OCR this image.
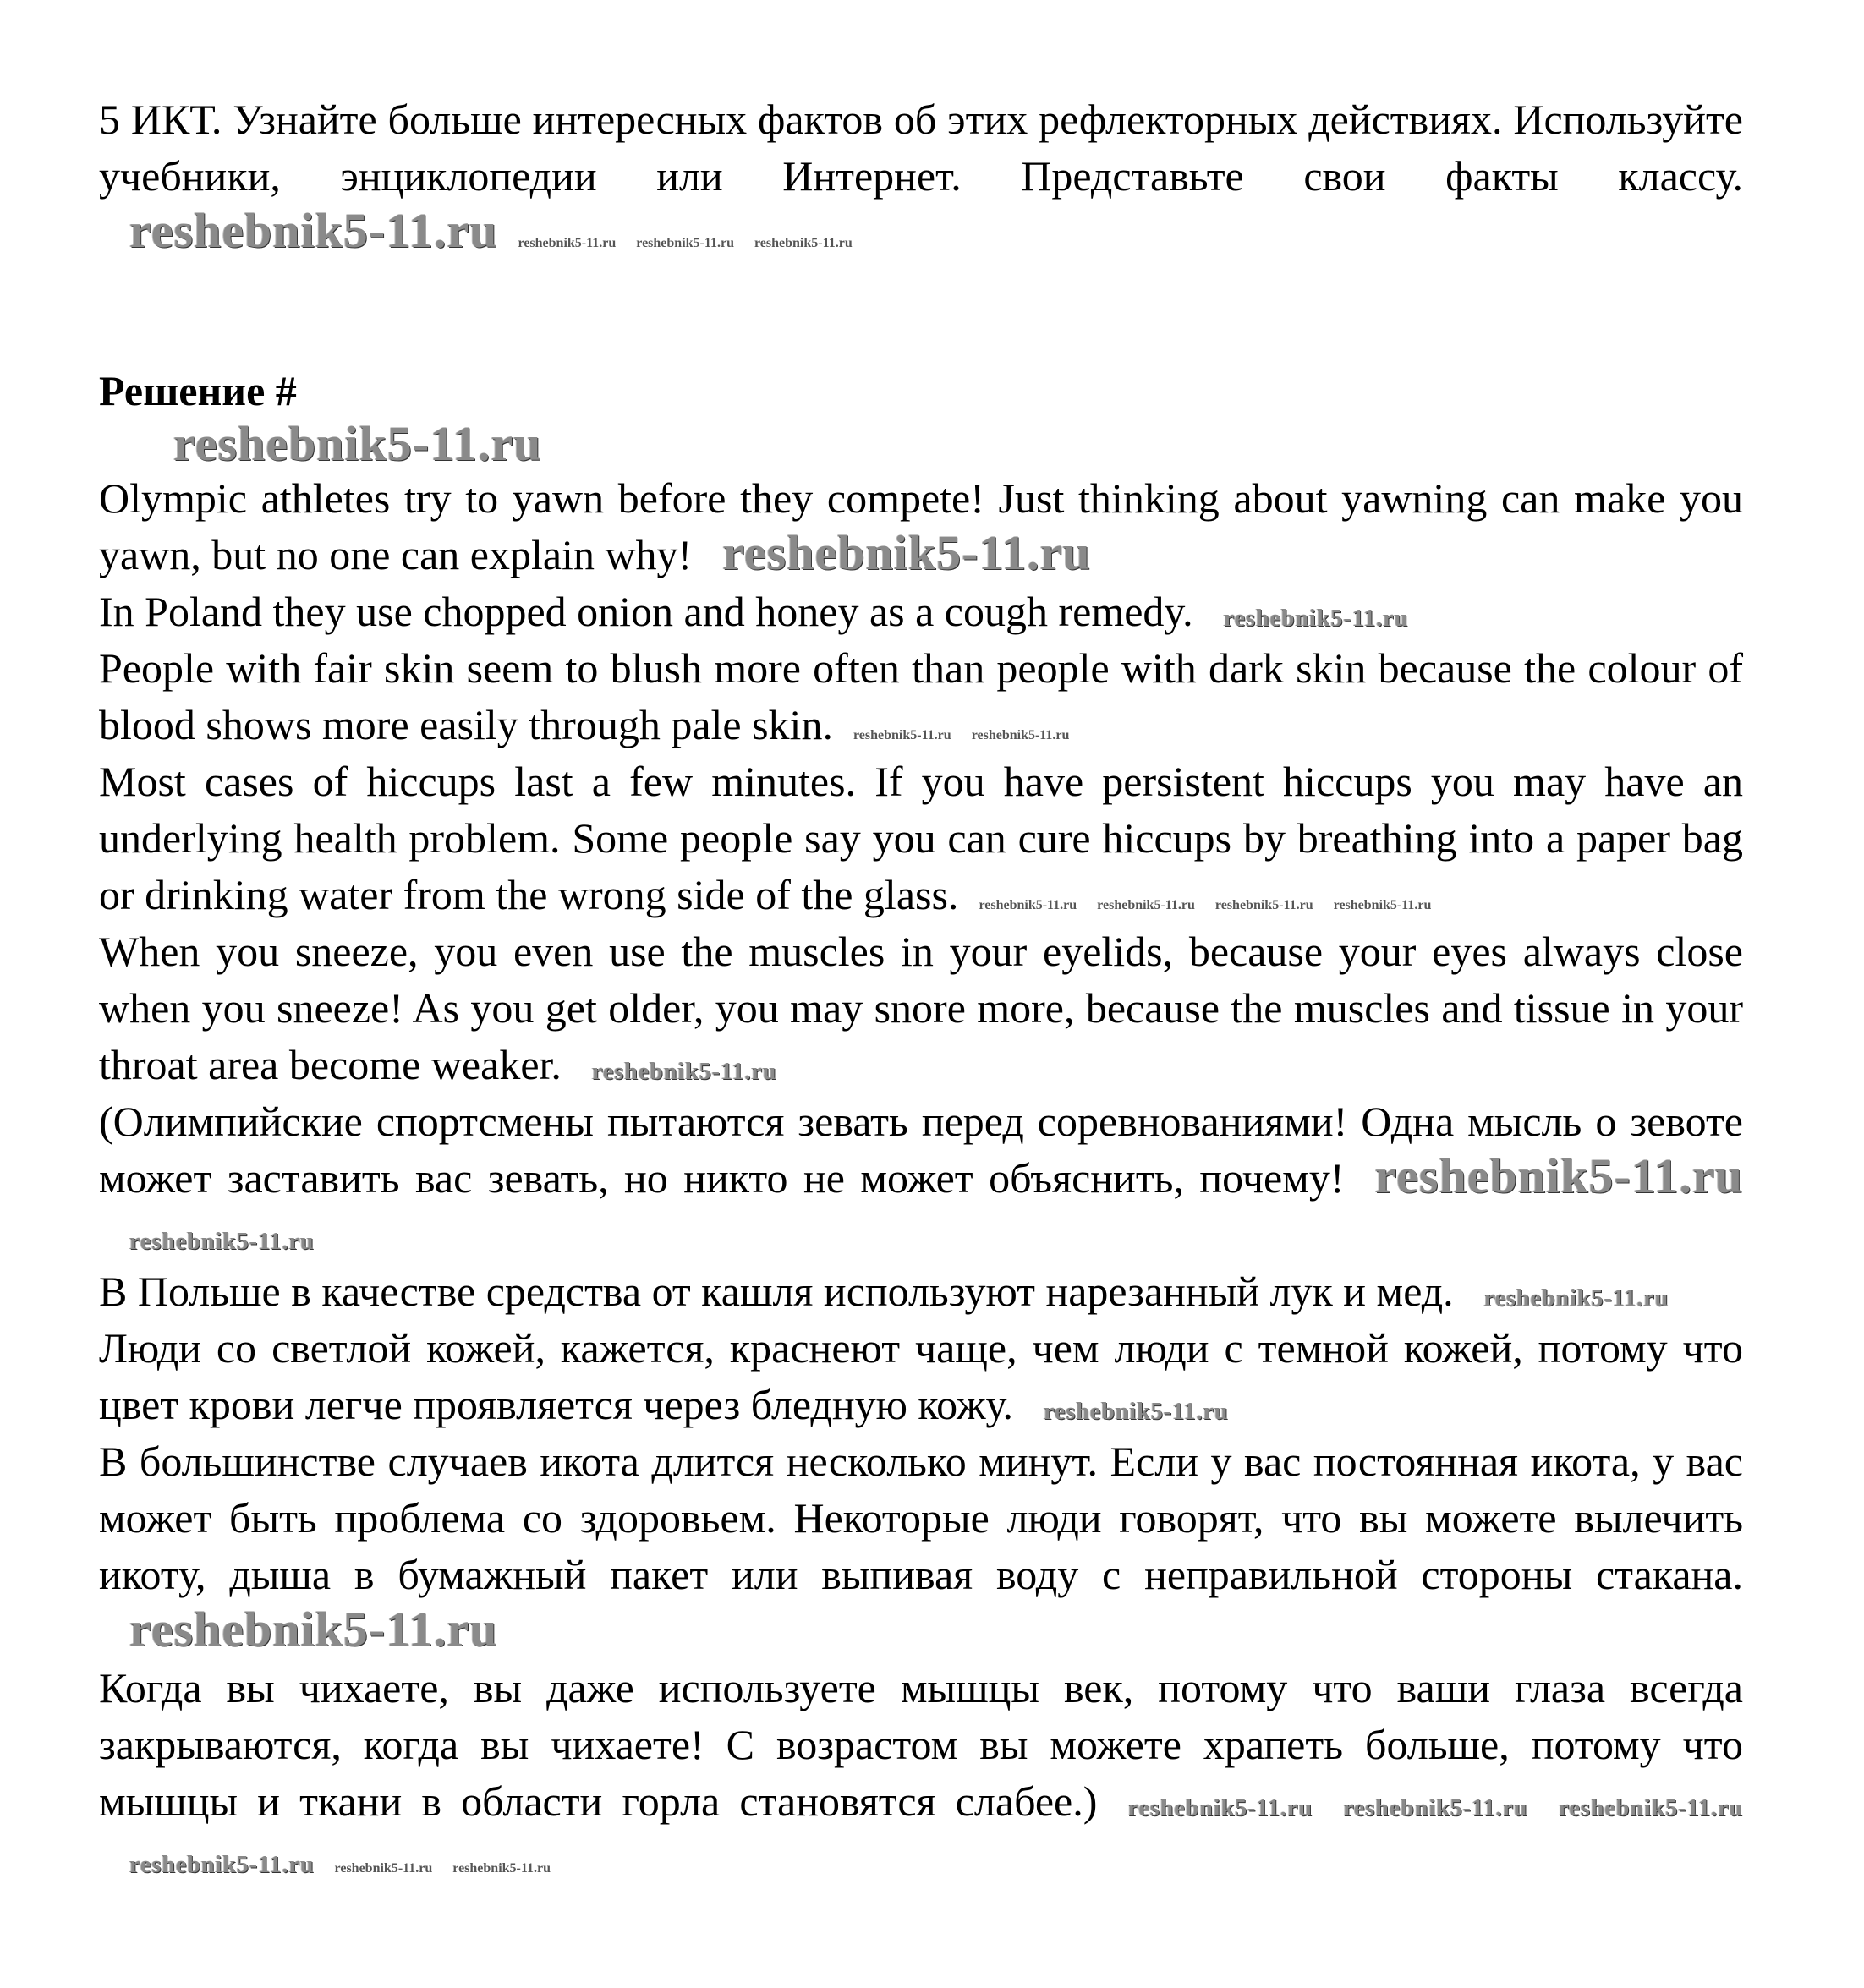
5 ИКТ. Узнайте больше интересных фактов об этих рефлекторных действиях. Используйте учебники, энциклопедии или Интернет. Представьте свои факты классу.reshebnik5-11.ru reshebnik5-11.ru reshebnik5-11.ru reshebnik5-11.ru

Решение #
reshebnik5-11.ru

Olympic athletes try to yawn before they compete! Just thinking about yawning can make you yawn, but no one can explain why! reshebnik5-11.ru

In Poland they use chopped onion and honey as a cough remedy. reshebnik5-11.ru

People with fair skin seem to blush more often than people with dark skin because the colour of blood shows more easily through pale skin. reshebnik5-11.ru reshebnik5-11.ru

Most cases of hiccups last a few minutes. If you have persistent hiccups you may have an underlying health problem. Some people say you can cure hiccups by breathing into a paper bag or drinking water from the wrong side of the glass. reshebnik5-11.ru reshebnik5-11.ru reshebnik5-11.ru reshebnik5-11.ru

When you sneeze, you even use the muscles in your eyelids, because your eyes always close when you sneeze! As you get older, you may snore more, because the muscles and tissue in your throat area become weaker. reshebnik5-11.ru

(Олимпийские спортсмены пытаются зевать перед соревнованиями! Одна мысль о зевоте может заставить вас зевать, но никто не может объяснить, почему! reshebnik5-11.rureshebnik5-11.ru

В Польше в качестве средства от кашля используют нарезанный лук и мед. reshebnik5-11.ru

Люди со светлой кожей, кажется, краснеют чаще, чем люди с темной кожей, потому что цвет крови легче проявляется через бледную кожу. reshebnik5-11.ru

В большинстве случаев икота длится несколько минут. Если у вас постоянная икота, у вас может быть проблема со здоровьем. Некоторые люди говорят, что вы можете вылечить икоту, дыша в бумажный пакет или выпивая воду с неправильной стороны стакана.reshebnik5-11.ru

Когда вы чихаете, вы даже используете мышцы век, потому что ваши глаза всегда закрываются, когда вы чихаете! С возрастом вы можете храпеть больше, потому что мышцы и ткани в области горла становятся слабее.) reshebnik5-11.ru reshebnik5-11.ru reshebnik5-11.rureshebnik5-11.ru reshebnik5-11.ru reshebnik5-11.ru
